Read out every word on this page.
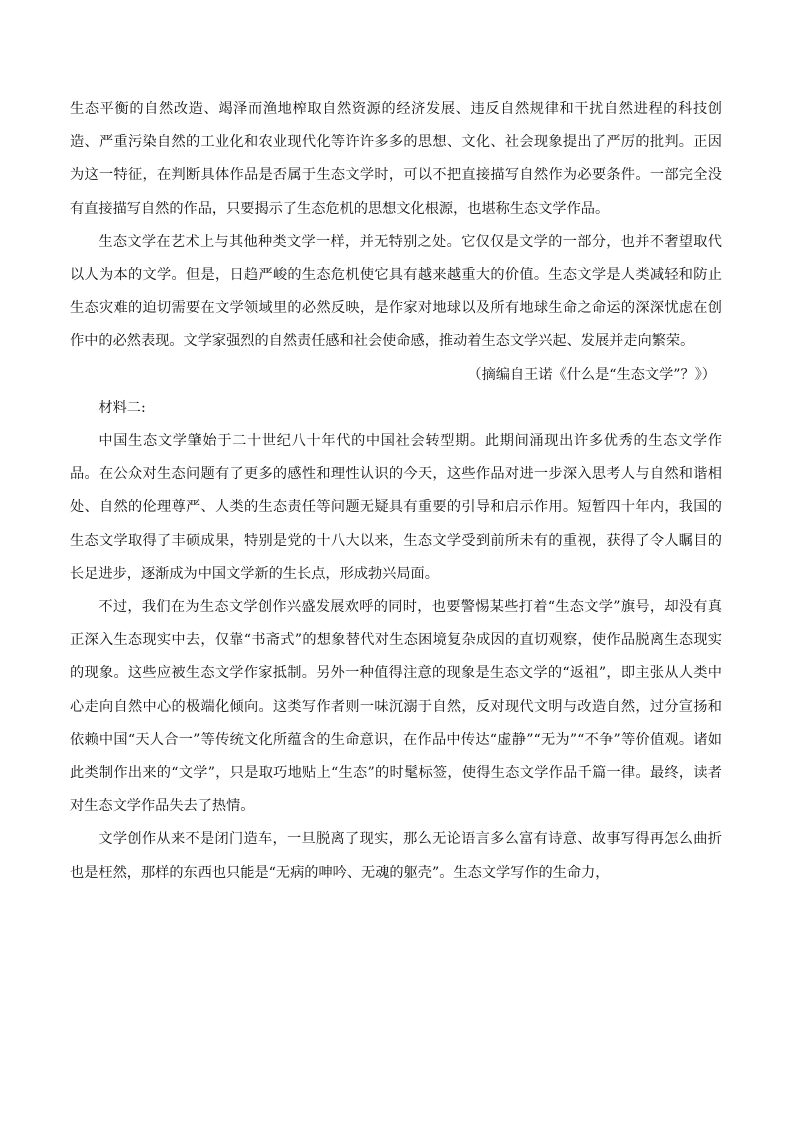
生态平衡的自然改造、竭泽而渔地榨取自然资源的经济发展、违反自然规律和干扰自然进程的科技创造、严重污染自然的工业化和农业现代化等许许多多的思想、文化、社会现象提出了严厉的批判。正因为这一特征，在判断具体作品是否属于生态文学时，可以不把直接描写自然作为必要条件。一部完全没有直接描写自然的作品，只要揭示了生态危机的思想文化根源，也堪称生态文学作品。

生态文学在艺术上与其他种类文学一样，并无特别之处。它仅仅是文学的一部分，也并不奢望取代以人为本的文学。但是，日趋严峻的生态危机使它具有越来越重大的价值。生态文学是人类减轻和防止生态灾难的迫切需要在文学领域里的必然反映，是作家对地球以及所有地球生命之命运的深深忧虑在创作中的必然表现。文学家强烈的自然责任感和社会使命感，推动着生态文学兴起、发展并走向繁荣。

（摘编自王诺《什么是“生态文学”？》）

材料二:

中国生态文学肇始于二十世纪八十年代的中国社会转型期。此期间涌现出许多优秀的生态文学作品。在公众对生态问题有了更多的感性和理性认识的今天，这些作品对进一步深入思考人与自然和谐相处、自然的伦理尊严、人类的生态责任等问题无疑具有重要的引导和启示作用。短暂四十年内，我国的生态文学取得了丰硕成果，特别是党的十八大以来，生态文学受到前所未有的重视，获得了令人瞩目的长足进步，逐渐成为中国文学新的生长点，形成勃兴局面。

不过，我们在为生态文学创作兴盛发展欢呼的同时，也要警惕某些打着“生态文学”旗号，却没有真正深入生态现实中去，仅靠“书斋式”的想象替代对生态困境复杂成因的直切观察，使作品脱离生态现实的现象。这些应被生态文学作家抵制。另外一种值得注意的现象是生态文学的“返祖”，即主张从人类中心走向自然中心的极端化倾向。这类写作者则一味沉溺于自然，反对现代文明与改造自然，过分宣扬和依赖中国“天人合一”等传统文化所蕴含的生命意识，在作品中传达“虚静”“无为”“不争”等价值观。诸如此类制作出来的“文学”，只是取巧地贴上“生态”的时髦标签，使得生态文学作品千篇一律。最终，读者对生态文学作品失去了热情。

文学创作从来不是闭门造车，一旦脱离了现实，那么无论语言多么富有诗意、故事写得再怎么曲折也是枉然，那样的东西也只能是“无病的呻吟、无魂的躯壳”。生态文学写作的生命力，
